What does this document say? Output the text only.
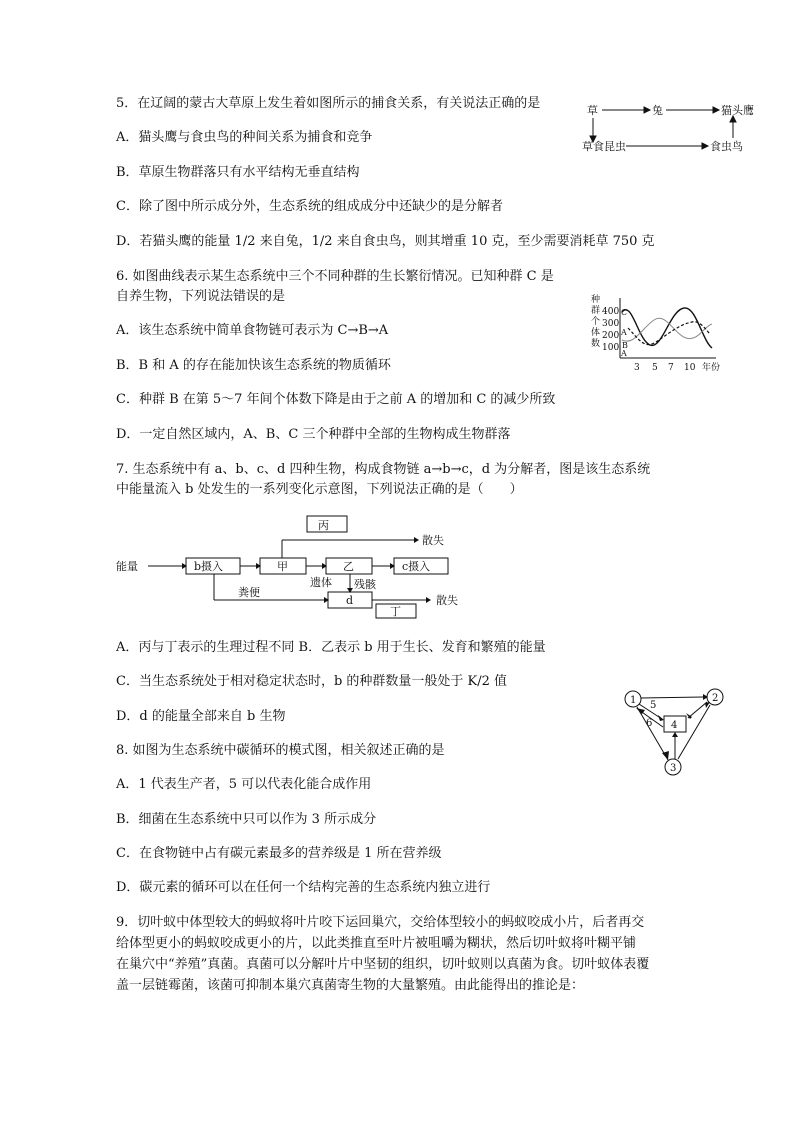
5．在辽阔的蒙古大草原上发生着如图所示的捕食关系，有关说法正确的是
A．猫头鹰与食虫鸟的种间关系为捕食和竞争
B．草原生物群落只有水平结构无垂直结构
C．除了图中所示成分外，生态系统的组成成分中还缺少的是分解者
D．若猫头鹰的能量 1/2 来自兔，1/2 来自食虫鸟，则其增重 10 克，至少需要消耗草 750 克
草	兔	猫头鹰
草食昆虫	食虫鸟
6. 如图曲线表示某生态系统中三个不同种群的生长繁衍情况。已知种群 C 是
自养生物，下列说法错误的是
A．该生态系统中简单食物链可表示为 C→B→A
B．B 和 A 的存在能加快该生态系统的物质循环
C．种群 B 在第 5～7 年间个体数下降是由于之前 A 的增加和 C 的减少所致
D．一定自然区域内，A、B、C 三个种群中全部的生物构成生物群落
种
群
个
体
数
400
300
200
100
C
A
B
A
3 5 7 10 年份
7. 生态系统中有 a、b、c、d 四种生物，构成食物链 a→b→c，d 为分解者，图是该生态系统
中能量流入 b 处发生的一系列变化示意图，下列说法正确的是（　　）
丙
散失
能量	b摄入	甲	乙	c摄入
粪便
遗体 残骸
d
丁
散失
A．丙与丁表示的生理过程不同 B．乙表示 b 用于生长、发育和繁殖的能量
C．当生态系统处于相对稳定状态时，b 的种群数量一般处于 K/2 值
D．d 的能量全部来自 b 生物
1	2
3
4
5
6
8. 如图为生态系统中碳循环的模式图，相关叙述正确的是
A．1 代表生产者，5 可以代表化能合成作用
B．细菌在生态系统中只可以作为 3 所示成分
C．在食物链中占有碳元素最多的营养级是 1 所在营养级
D．碳元素的循环可以在任何一个结构完善的生态系统内独立进行
9．切叶蚁中体型较大的蚂蚁将叶片咬下运回巢穴，交给体型较小的蚂蚁咬成小片，后者再交
给体型更小的蚂蚁咬成更小的片，以此类推直至叶片被咀嚼为糊状，然后切叶蚁将叶糊平铺
在巢穴中“养殖”真菌。真菌可以分解叶片中坚韧的组织，切叶蚁则以真菌为食。切叶蚁体表覆
盖一层链霉菌，该菌可抑制本巢穴真菌寄生物的大量繁殖。由此能得出的推论是：
